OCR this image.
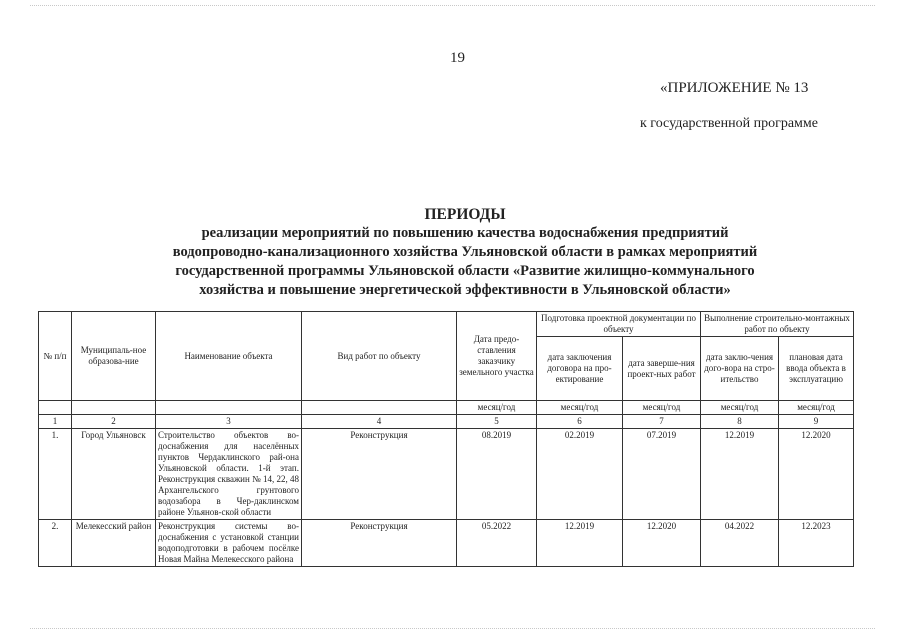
19
«ПРИЛОЖЕНИЕ № 13
к государственной программе
ПЕРИОДЫ
реализации мероприятий по повышению качества водоснабжения предприятий
водопроводно-канализационного хозяйства Ульяновской области в рамках мероприятий
государственной программы Ульяновской области «Развитие жилищно-коммунального
хозяйства и повышение энергетической эффективности в Ульяновской области»
№ п/п	Муниципаль-ное образова-ние	Наименование объекта	Вид работ по объекту	Дата предо-ставления заказчику земельного участка	Подготовка проектной документации по объекту		Выполнение строительно-монтажных работ по объекту	
					дата заключения договора на про-ектирование	дата заверше-ния проект-ных работ	дата заклю-чения дого-вора на стро-ительство	плановая дата ввода объекта в эксплуатацию
				месяц/год	месяц/год	месяц/год	месяц/год	месяц/год
1	2	3	4	5	6	7	8	9
1.	Город Ульяновск	Строительство объектов во-доснабжения для населённых пунктов Чердаклинского рай-она Ульяновской области. 1-й этап. Реконструкция скважин № 14, 22, 48 Архангельского грунтового водозабора в Чер-даклинском районе Ульянов-ской области	Реконструкция	08.2019	02.2019	07.2019	12.2019	12.2020
2.	Мелекесский район	Реконструкция системы во-доснабжения с установкой станции водоподготовки в рабочем посёлке Новая Майна Мелекесского района	Реконструкция	05.2022	12.2019	12.2020	04.2022	12.2023
